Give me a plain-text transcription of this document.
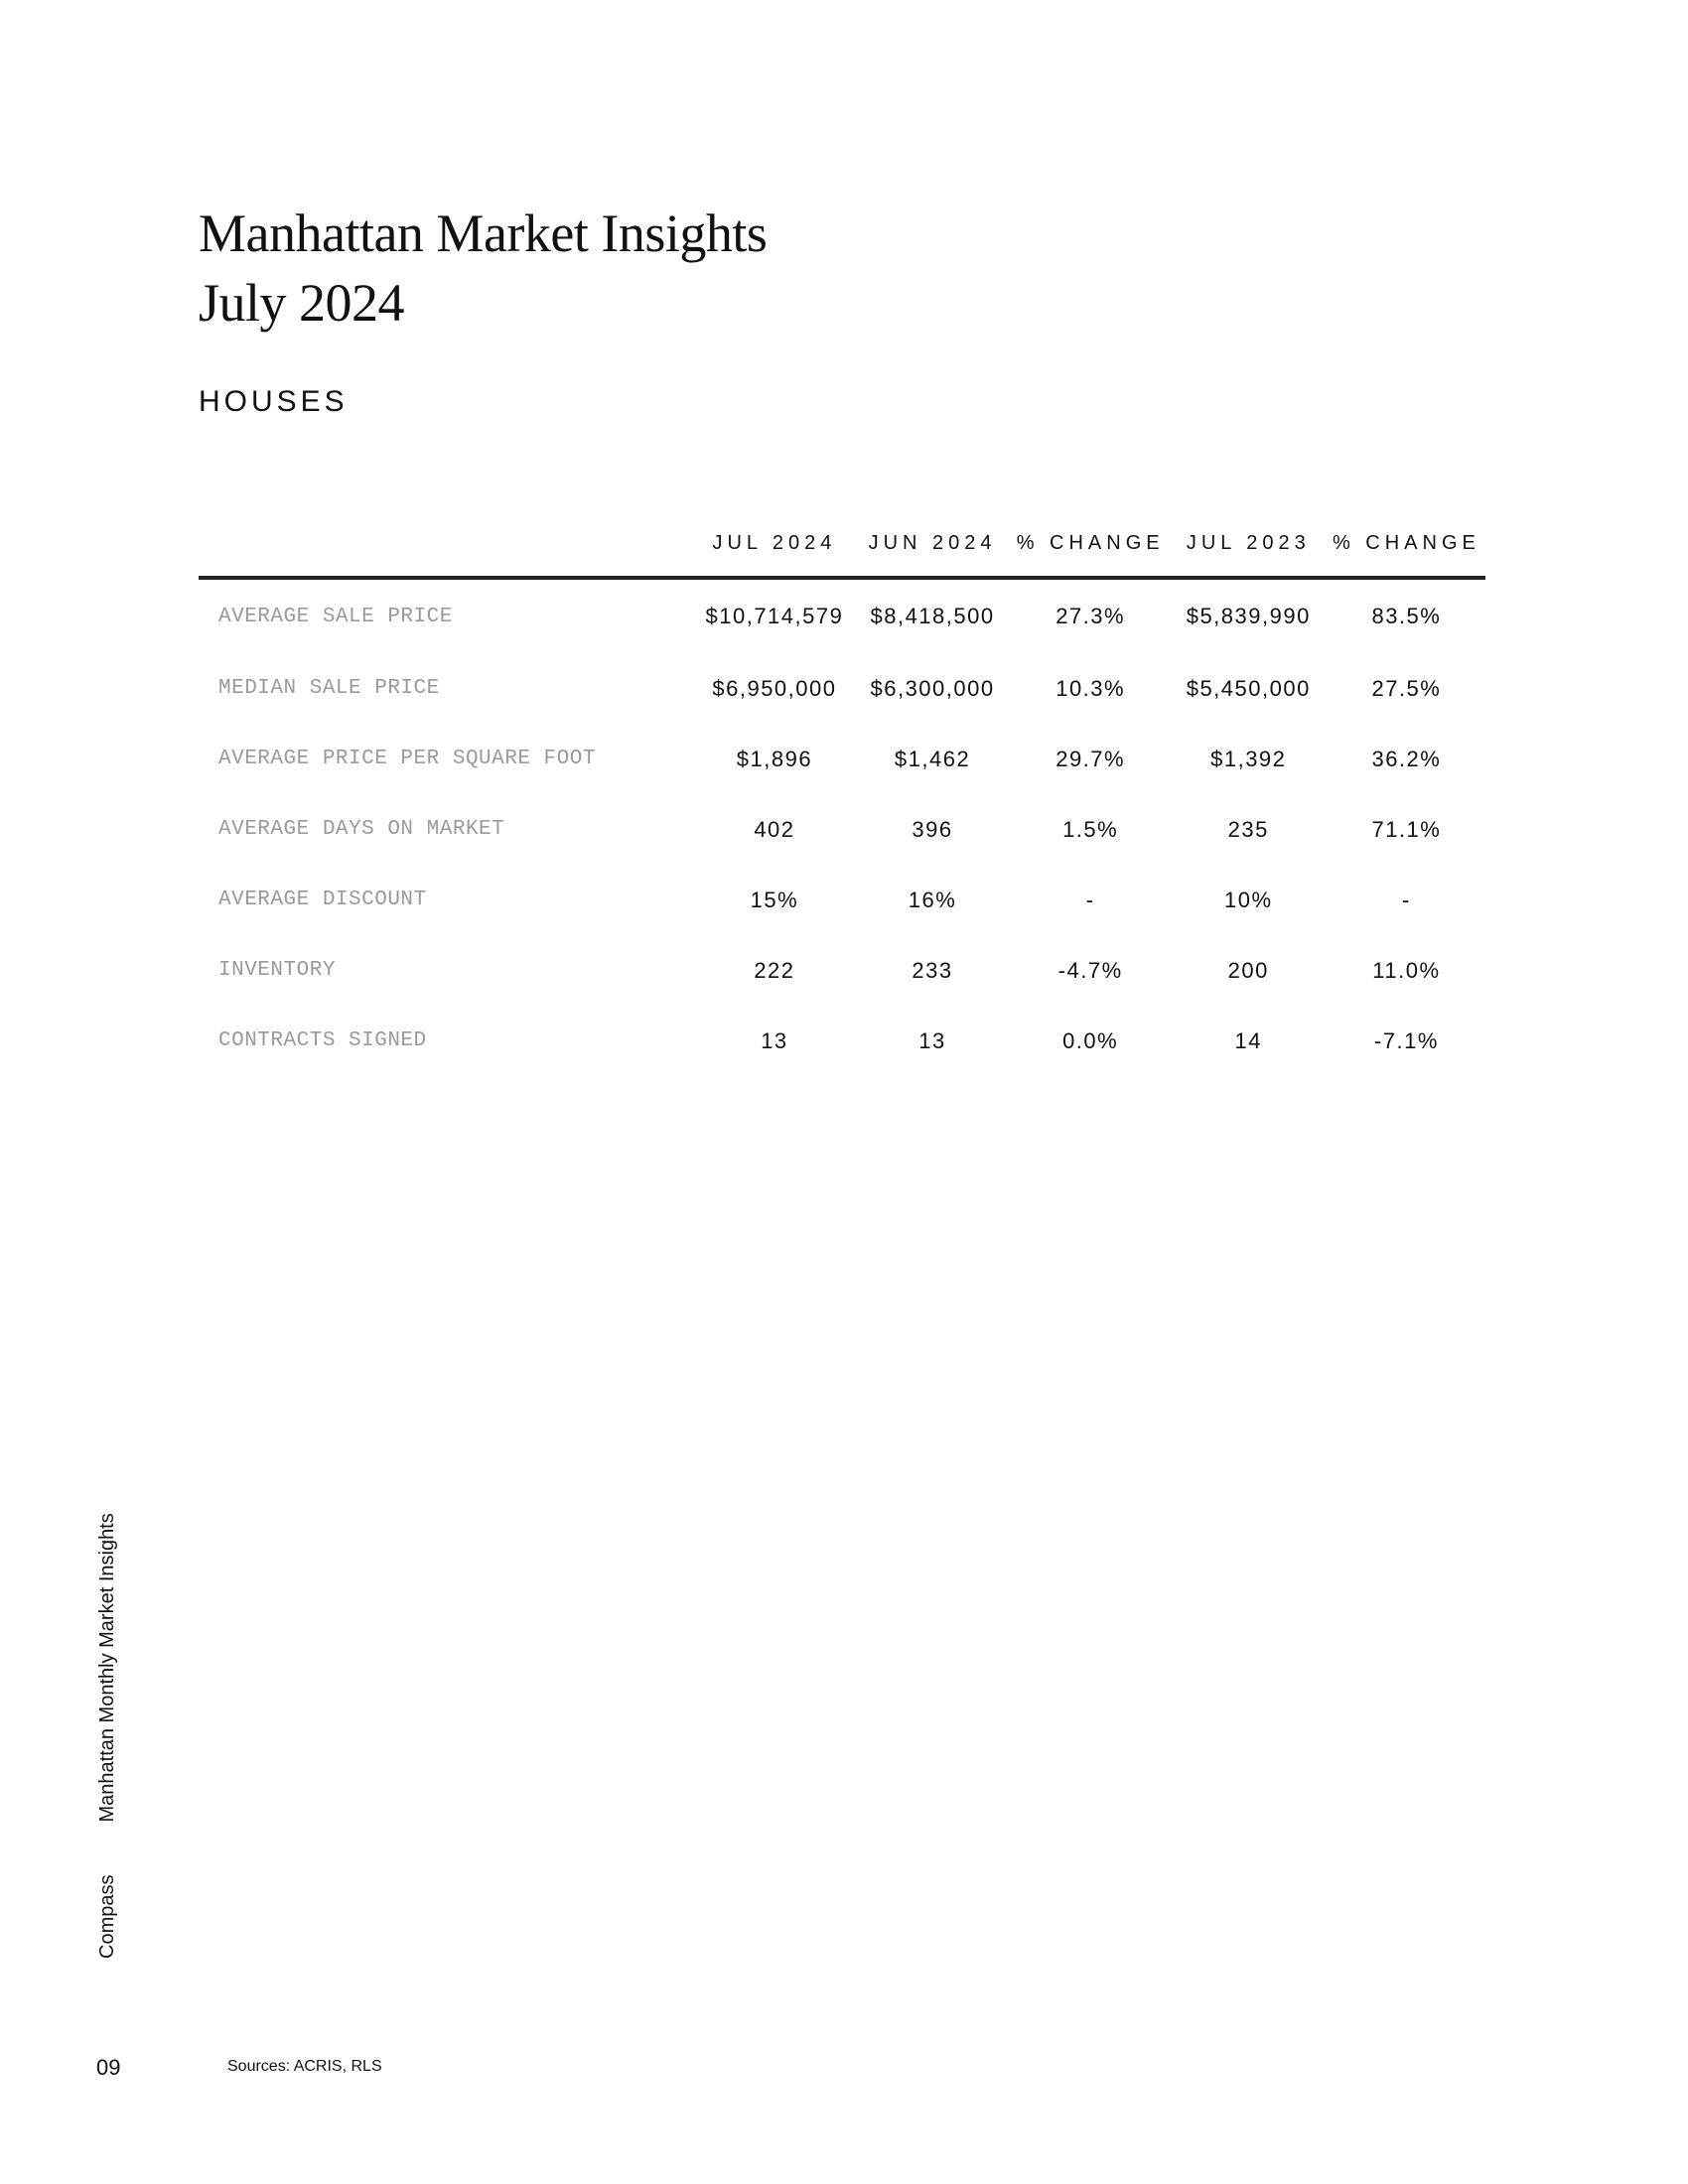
Manhattan Market Insights
July 2024
HOUSES
	JUL 2024	JUN 2024	% CHANGE	JUL 2023	% CHANGE
AVERAGE SALE PRICE	$10,714,579	$8,418,500	27.3%	$5,839,990	83.5%
MEDIAN SALE PRICE	$6,950,000	$6,300,000	10.3%	$5,450,000	27.5%
AVERAGE PRICE PER SQUARE FOOT	$1,896	$1,462	29.7%	$1,392	36.2%
AVERAGE DAYS ON MARKET	402	396	1.5%	235	71.1%
AVERAGE DISCOUNT	15%	16%	-	10%	-
INVENTORY	222	233	-4.7%	200	11.0%
CONTRACTS SIGNED	13	13	0.0%	14	-7.1%
CompassManhattan Monthly Market Insights
09	Sources: ACRIS, RLS
